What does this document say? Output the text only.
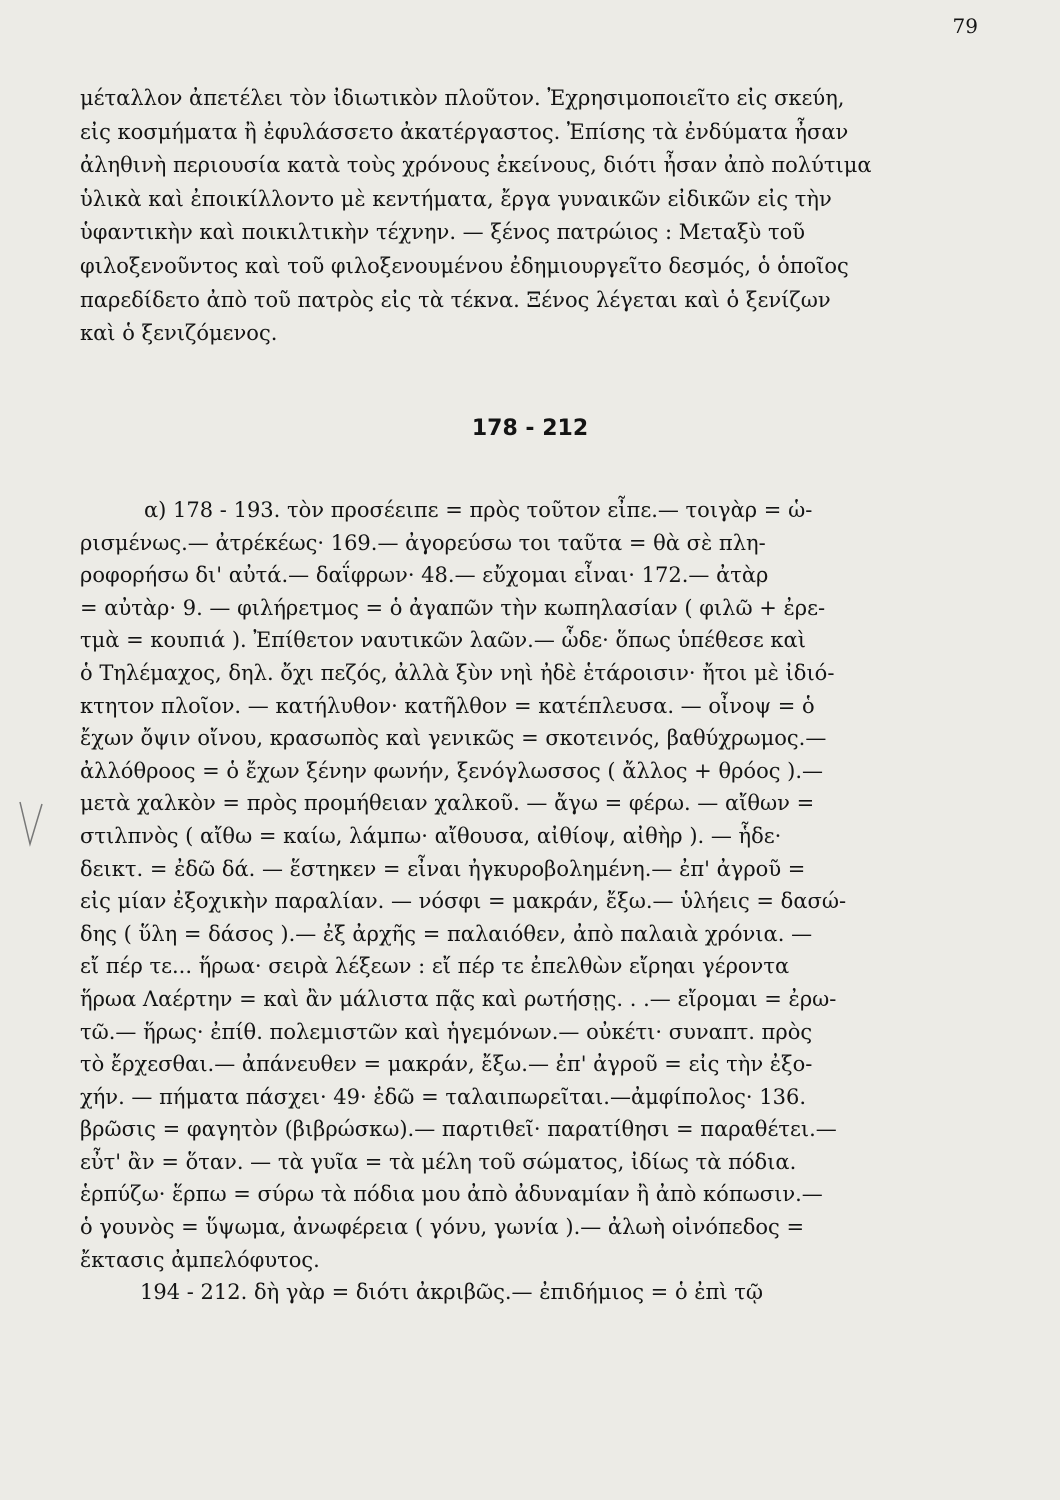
79
μέταλλον ἀπετέλει τὸν ἰδιωτικὸν πλοῦτον. Ἐχρησιμοποιεῖτο εἰς σκεύη,
εἰς κοσμήματα ἢ ἐφυλάσσετο ἀκατέργαστος. Ἐπίσης τὰ ἐνδύματα ἦσαν
ἀληθινὴ περιουσία κατὰ τοὺς χρόνους ἐκείνους, διότι ἦσαν ἀπὸ πολύτιμα
ὑλικὰ καὶ ἐποικίλλοντο μὲ κεντήματα, ἔργα γυναικῶν εἰδικῶν εἰς τὴν
ὑφαντικὴν καὶ ποικιλτικὴν τέχνην. — ξένος πατρώιος : Μεταξὺ τοῦ
φιλοξενοῦντος καὶ τοῦ φιλοξενουμένου ἐδημιουργεῖτο δεσμός, ὁ ὁποῖος
παρεδίδετο ἀπὸ τοῦ πατρὸς εἰς τὰ τέκνα. Ξένος λέγεται καὶ ὁ ξενίζων
καὶ ὁ ξενιζόμενος.
178 - 212
α) 178 - 193. τὸν προσέειπε = πρὸς τοῦτον εἶπε.— τοιγὰρ = ὡ-
ρισμένως.— ἀτρέκέως· 169.— ἀγορεύσω τοι ταῦτα = θὰ σὲ πλη-
ροφορήσω δι' αὐτά.— δαΐφρων· 48.— εὔχομαι εἶναι· 172.— ἀτὰρ
= αὐτὰρ· 9. — φιλήρετμος = ὁ ἀγαπῶν τὴν κωπηλασίαν ( φιλῶ + ἐρε-
τμὰ = κουπιά ). Ἐπίθετον ναυτικῶν λαῶν.— ὧδε· ὅπως ὑπέθεσε καὶ
ὁ Τηλέμαχος, δηλ. ὄχι πεζός, ἀλλὰ ξὺν νηὶ ἠδὲ ἑτάροισιν· ἤτοι μὲ ἰδιό-
κτητον πλοῖον. — κατήλυθον· κατῆλθον = κατέπλευσα. — οἶνοψ = ὁ
ἔχων ὄψιν οἴνου, κρασωπὸς καὶ γενικῶς = σκοτεινός, βαθύχρωμος.—
ἀλλόθροος = ὁ ἔχων ξένην φωνήν, ξενόγλωσσος ( ἄλλος + θρόος ).—
μετὰ χαλκὸν = πρὸς προμήθειαν χαλκοῦ. — ἄγω = φέρω. — αἴθων =
στιλπνὸς ( αἴθω = καίω, λάμπω· αἴθουσα, αἰθίοψ, αἰθὴρ ). — ἧδε·
δεικτ. = ἐδῶ δά. — ἕστηκεν = εἶναι ἠγκυροβολημένη.— ἐπ' ἀγροῦ =
εἰς μίαν ἐξοχικὴν παραλίαν. — νόσφι = μακράν, ἔξω.— ὑλήεις = δασώ-
δης ( ὕλη = δάσος ).— ἐξ ἀρχῆς = παλαιόθεν, ἀπὸ παλαιὰ χρόνια. —
εἴ πέρ τε... ἥρωα· σειρὰ λέξεων : εἴ πέρ τε ἐπελθὼν εἴρηαι γέροντα
ἥρωα Λαέρτην = καὶ ἂν μάλιστα πᾷς καὶ ρωτήσῃς. . .— εἴρομαι = ἐρω-
τῶ.— ἥρως· ἐπίθ. πολεμιστῶν καὶ ἡγεμόνων.— οὐκέτι· συναπτ. πρὸς
τὸ ἔρχεσθαι.— ἀπάνευθεν = μακράν, ἔξω.— ἐπ' ἀγροῦ = εἰς τὴν ἐξο-
χήν. — πήματα πάσχει· 49· ἐδῶ = ταλαιπωρεῖται.—ἀμφίπολος· 136.
βρῶσις = φαγητὸν (βιβρώσκω).— παρτιθεῖ· παρατίθησι = παραθέτει.—
εὖτ' ἂν = ὅταν. — τὰ γυῖα = τὰ μέλη τοῦ σώματος, ἰδίως τὰ πόδια.
ἑρπύζω· ἕρπω = σύρω τὰ πόδια μου ἀπὸ ἀδυναμίαν ἢ ἀπὸ κόπωσιν.—
ὁ γουνὸς = ὕψωμα, ἀνωφέρεια ( γόνυ, γωνία ).— ἀλωὴ οἰνόπεδος =
ἔκτασις ἀμπελόφυτος.
194 - 212. δὴ γὰρ = διότι ἀκριβῶς.— ἐπιδήμιος = ὁ ἐπὶ τῷ
